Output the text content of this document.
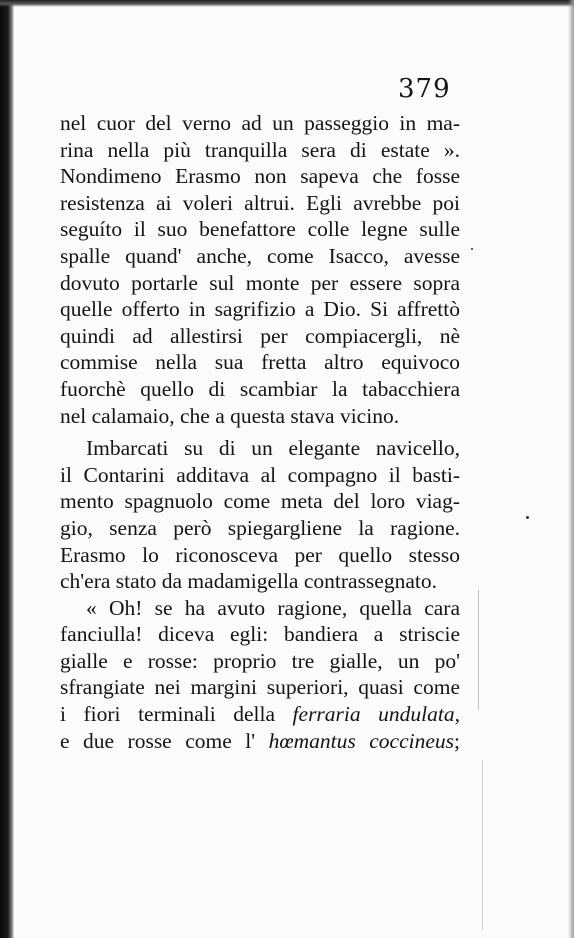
379
nel cuor del verno ad un passeggio in ma-
rina nella più tranquilla sera di estate ».
Nondimeno Erasmo non sapeva che fosse
resistenza ai voleri altrui. Egli avrebbe poi
seguíto il suo benefattore colle legne sulle
spalle quand' anche, come Isacco, avesse
dovuto portarle sul monte per essere sopra
quelle offerto in sagrifizio a Dio. Si affrettò
quindi ad allestirsi per compiacergli, nè
commise nella sua fretta altro equivoco
fuorchè quello di scambiar la tabacchiera
nel calamaio, che a questa stava vicino.
Imbarcati su di un elegante navicello,
il Contarini additava al compagno il basti-
mento spagnuolo come meta del loro viag-
gio, senza però spiegargliene la ragione.
Erasmo lo riconosceva per quello stesso
ch'era stato da madamigella contrassegnato.
« Oh! se ha avuto ragione, quella cara
fanciulla! diceva egli: bandiera a striscie
gialle e rosse: proprio tre gialle, un po'
sfrangiate nei margini superiori, quasi come
i fiori terminali della ferraria undulata,
e due rosse come l' hœmantus coccineus;
